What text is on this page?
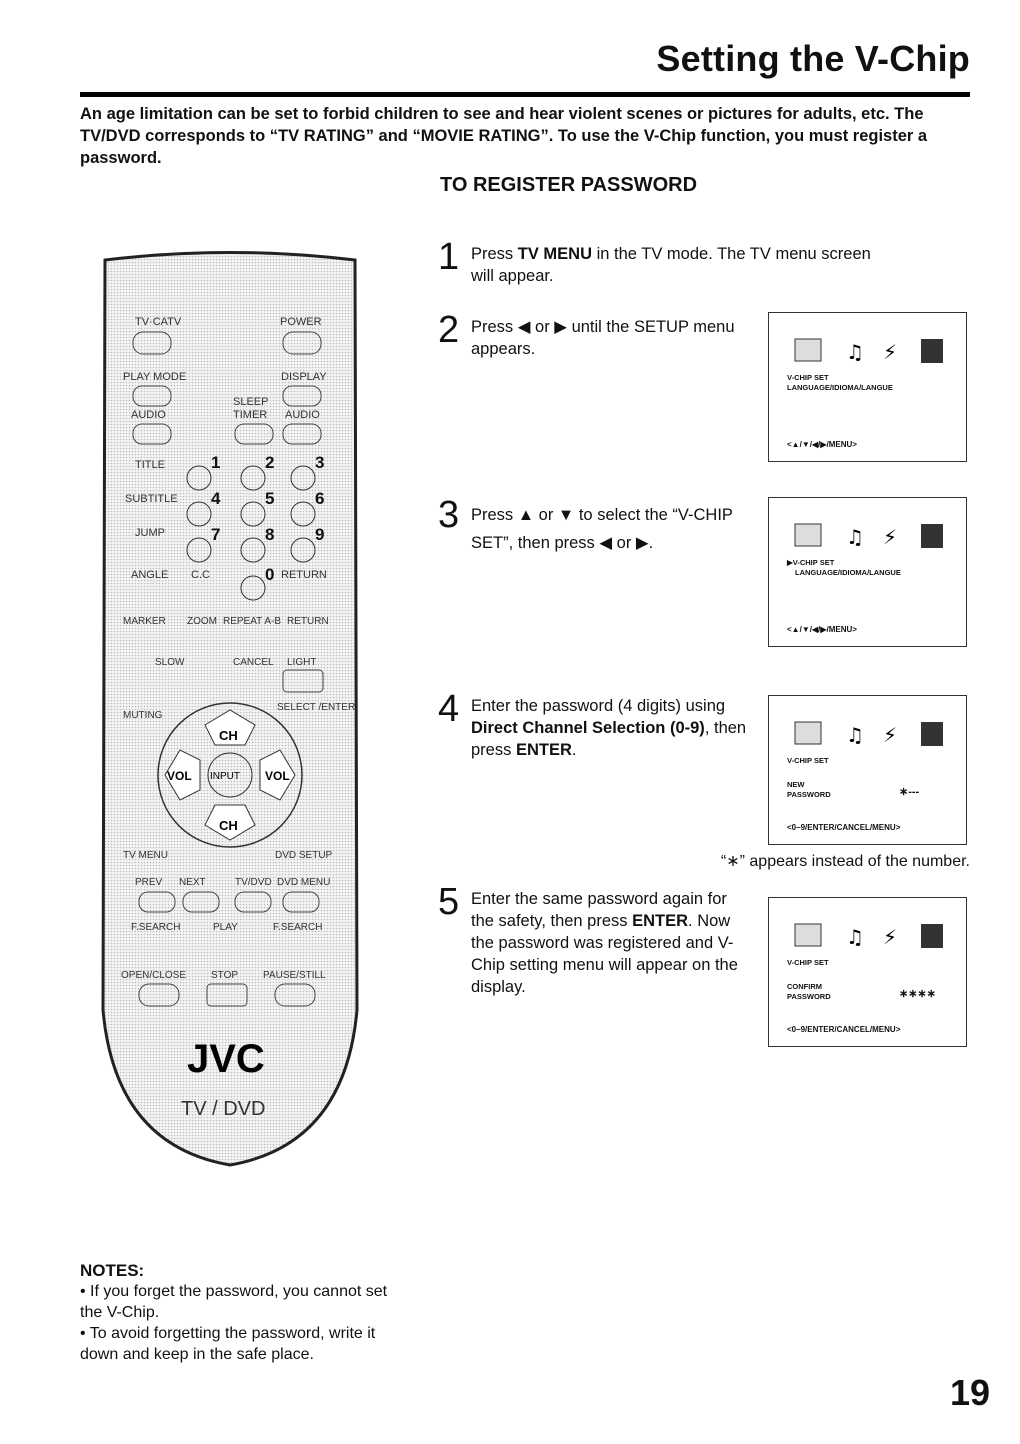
Setting the V-Chip
An age limitation can be set to forbid children to see and hear violent scenes or pictures for adults, etc. The TV/DVD corresponds to “TV RATING” and “MOVIE RATING”. To use the V-Chip function, you must register a password.
TO REGISTER PASSWORD
TV·CATV	POWER
PLAY MODE	DISPLAY
SLEEP
TIMER
AUDIO	AUDIO
TITLE
SUBTITLE
JUMP
ANGLE C.C	RETURN
1	2 3
4	5 6
7	8 9
0
MARKER ZOOM REPEAT A-B RETURN
SLOW	CANCEL LIGHT
MUTING
SELECT /ENTER
CH
CH
VOL	VOL
INPUT
TV MENU	DVD SETUP
PREV NEXT	TV/DVD DVD MENU
F.SEARCH	PLAY	F.SEARCH
OPEN/CLOSE STOP PAUSE/STILL
JVC
TV / DVD
1 Press TV MENU in the TV mode. The TV menu screen will appear.
2 Press ◀ or ▶ until the SETUP menu appears.
3 Press ▲ or ▼ to select the “V-CHIP SET”, then press ◀ or ▶.
4 Enter the password (4 digits) using Direct Channel Selection (0-9), then press ENTER.
5 Enter the same password again for the safety, then press ENTER. Now the password was registered and V-Chip setting menu will appear on the display.
♫ ⚡
V-CHIP SET
LANGUAGE/IDIOMA/LANGUE
<▲/▼/◀/▶/MENU>
♫ ⚡
▶V-CHIP SET
LANGUAGE/IDIOMA/LANGUE
<▲/▼/◀/▶/MENU>
♫ ⚡
V-CHIP SET
NEW
PASSWORD	∗---
<0–9/ENTER/CANCEL/MENU>
“∗” appears instead of the number.
♫ ⚡
V-CHIP SET
CONFIRM
PASSWORD	∗∗∗∗
<0–9/ENTER/CANCEL/MENU>
NOTES:
• If you forget the password, you cannot set the V-Chip.
• To avoid forgetting the password, write it down and keep in the safe place.
19
